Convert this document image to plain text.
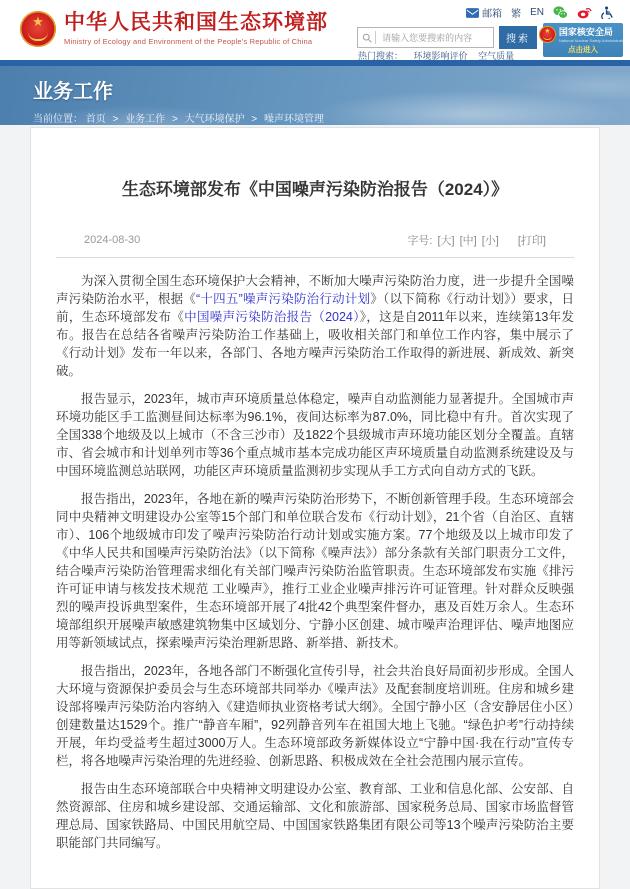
★
中华人民共和国生态环境部
Ministry of Ecology and Environment of the People's Republic of China
邮箱 繁 EN
请输入您要搜索的内容
搜索
热门搜索： 环境影响评价 空气质量
★
国家核安全局
National Nuclear Safety Administration
点击进入
业务工作
当前位置： 首页 > 业务工作 > 大气环境保护 > 噪声环境管理
生态环境部发布《中国噪声污染防治报告（2024）》
2024-08-30	字号: [大] [中] [小] [打印]

为深入贯彻全国生态环境保护大会精神，不断加大噪声污染防治力度，进一步提升全国噪声污染防治水平，根据《“十四五”噪声污染防治行动计划》（以下简称《行动计划》）要求，日前，生态环境部发布《中国噪声污染防治报告（2024）》，这是自2011年以来，连续第13年发布。报告在总结各省噪声污染防治工作基础上，吸收相关部门和单位工作内容，集中展示了《行动计划》发布一年以来，各部门、各地方噪声污染防治工作取得的新进展、新成效、新突破。

报告显示，2023年，城市声环境质量总体稳定，噪声自动监测能力显著提升。全国城市声环境功能区手工监测昼间达标率为96.1%，夜间达标率为87.0%，同比稳中有升。首次实现了全国338个地级及以上城市（不含三沙市）及1822个县级城市声环境功能区划分全覆盖。直辖市、省会城市和计划单列市等36个重点城市基本完成功能区声环境质量自动监测系统建设及与中国环境监测总站联网，功能区声环境质量监测初步实现从手工方式向自动方式的飞跃。

报告指出，2023年，各地在新的噪声污染防治形势下，不断创新管理手段。生态环境部会同中央精神文明建设办公室等15个部门和单位联合发布《行动计划》，21个省（自治区、直辖市）、106个地级城市印发了噪声污染防治行动计划或实施方案。77个地级及以上城市印发了《中华人民共和国噪声污染防治法》（以下简称《噪声法》）部分条款有关部门职责分工文件，结合噪声污染防治管理需求细化有关部门噪声污染防治监管职责。生态环境部发布实施《排污许可证申请与核发技术规范 工业噪声》，推行工业企业噪声排污许可证管理。针对群众反映强烈的噪声投诉典型案件，生态环境部开展了4批42个典型案件督办，惠及百姓万余人。生态环境部组织开展噪声敏感建筑物集中区域划分、宁静小区创建、城市噪声治理评估、噪声地图应用等新领域试点，探索噪声污染治理新思路、新举措、新技术。

报告指出，2023年，各地各部门不断强化宣传引导，社会共治良好局面初步形成。全国人大环境与资源保护委员会与生态环境部共同举办《噪声法》及配套制度培训班。住房和城乡建设部将噪声污染防治内容纳入《建造师执业资格考试大纲》。全国宁静小区（含安静居住小区）创建数量达1529个。推广“静音车厢”，92列静音列车在祖国大地上飞驰。“绿色护考”行动持续开展，年均受益考生超过3000万人。生态环境部政务新媒体设立“宁静中国·我在行动”宣传专栏，将各地噪声污染治理的先进经验、创新思路、积极成效在全社会范围内展示宣传。

报告由生态环境部联合中央精神文明建设办公室、教育部、工业和信息化部、公安部、自然资源部、住房和城乡建设部、交通运输部、文化和旅游部、国家税务总局、国家市场监督管理总局、国家铁路局、中国民用航空局、中国国家铁路集团有限公司等13个噪声污染防治主要职能部门共同编写。
